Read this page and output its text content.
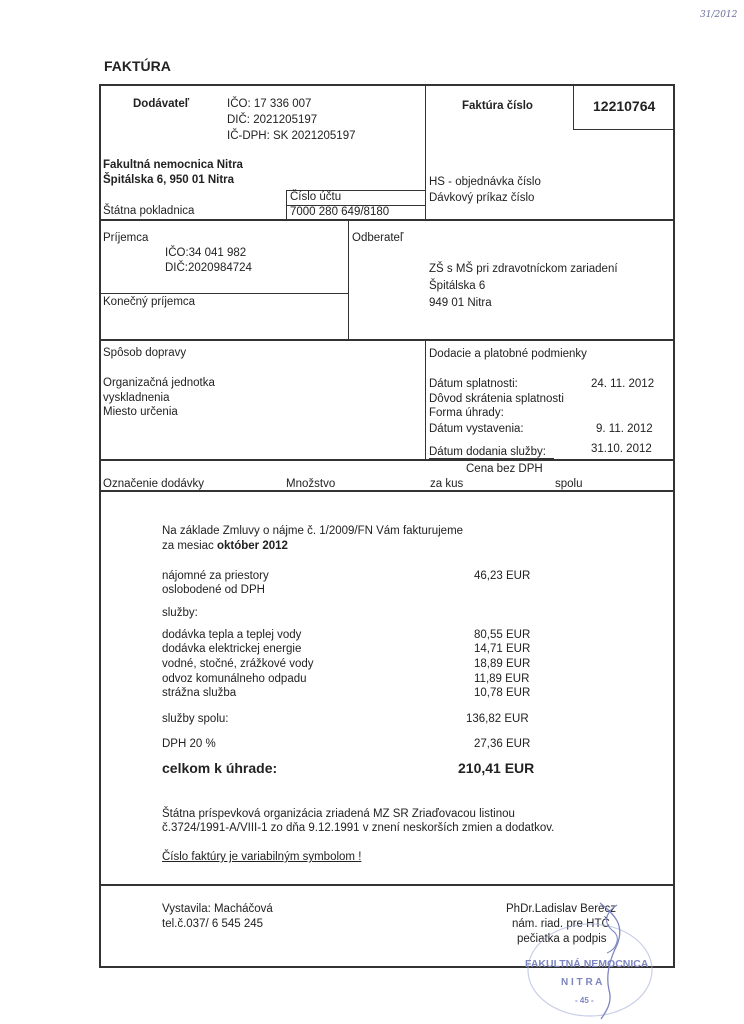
31/2012
FAKTÚRA
Dodávateľ	IČO: 17 336 007
DIČ: 2021205197
IČ-DPH: SK 2021205197
Fakultná nemocnica Nitra
Špitálska 6, 950 01 Nitra
Štátna pokladnica
Číslo účtu
7000 280 649/8180
Faktúra číslo	12210764
HS - objednávka číslo
Dávkový príkaz číslo
Príjemca
IČO:34 041 982
DIČ:2020984724
Konečný príjemca
Odberateľ
ZŠ s MŠ pri zdravotníckom zariadení
Špitálska 6
949 01 Nitra
Spôsob dopravy
Organizačná jednotka
vyskladnenia
Miesto určenia
Dodacie a platobné podmienky
Dátum splatnosti:	24. 11. 2012
Dôvod skrátenia splatnosti
Forma úhrady:
Dátum vystavenia:	9. 11. 2012
Dátum dodania služby:	31.10. 2012
Označenie dodávky	Množstvo
Cena bez DPH
za kus	spolu
Na základe Zmluvy o nájme č. 1/2009/FN Vám fakturujeme
za mesiac október 2012
nájomné za priestory
oslobodené od DPH
46,23 EUR
služby:
dodávka tepla a teplej vody	80,55 EUR
dodávka elektrickej energie	14,71 EUR
vodné, stočné, zrážkové vody	18,89 EUR
odvoz komunálneho odpadu	11,89 EUR
strážna služba	10,78 EUR
služby spolu:	136,82 EUR
DPH 20 %	27,36 EUR
celkom k úhrade:	210,41 EUR
Štátna príspevková organizácia zriadená MZ SR Zriaďovacou listinou
č.3724/1991-A/VIII-1 zo dňa 9.12.1991 v znení neskorších zmien a dodatkov.
Číslo faktúry je variabilným symbolom !
Vystavila: Macháčová
tel.č.037/ 6 545 245
PhDr.Ladislav Berecz
nám. riad. pre HTČ
pečiatka a podpis
FAKULTNÁ NEMOCNICA
N I T R A
- 45 -
